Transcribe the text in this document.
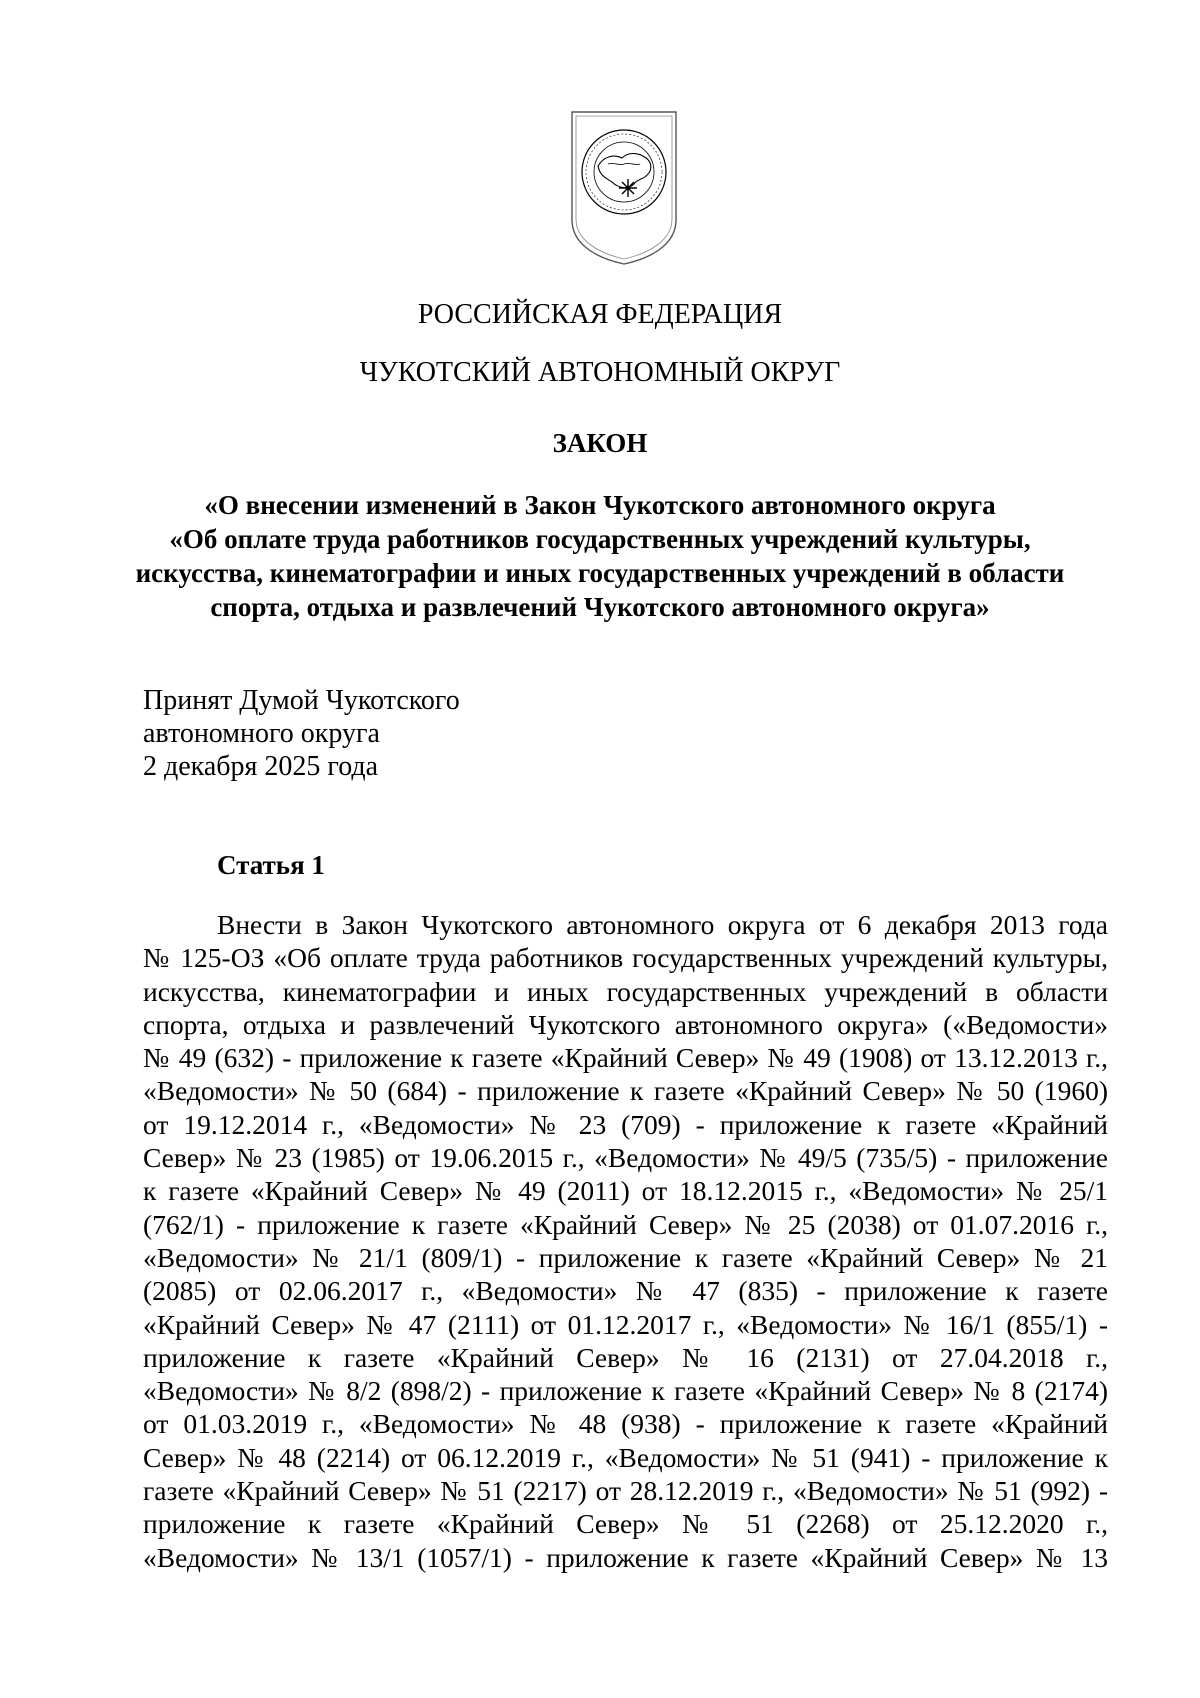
РОССИЙСКАЯ ФЕДЕРАЦИЯ
ЧУКОТСКИЙ АВТОНОМНЫЙ ОКРУГ
ЗАКОН
«О внесении изменений в Закон Чукотского автономного округа
«Об оплате труда работников государственных учреждений культуры,
искусства, кинематографии и иных государственных учреждений в области
спорта, отдыха и развлечений Чукотского автономного округа»
Принят Думой Чукотского
автономного округа
2 декабря 2025 года
Статья 1
Внести в Закон Чукотского автономного округа от 6 декабря 2013 года
№ 125-ОЗ «Об оплате труда работников государственных учреждений культуры,
искусства, кинематографии и иных государственных учреждений в области
спорта, отдыха и развлечений Чукотского автономного округа» («Ведомости»
№ 49 (632) - приложение к газете «Крайний Север» № 49 (1908) от 13.12.2013 г.,
«Ведомости» № 50 (684) - приложение к газете «Крайний Север» № 50 (1960)
от 19.12.2014 г., «Ведомости» № 23 (709) - приложение к газете «Крайний
Север» № 23 (1985) от 19.06.2015 г., «Ведомости» № 49/5 (735/5) - приложение
к газете «Крайний Север» № 49 (2011) от 18.12.2015 г., «Ведомости» № 25/1
(762/1) - приложение к газете «Крайний Север» № 25 (2038) от 01.07.2016 г.,
«Ведомости» № 21/1 (809/1) - приложение к газете «Крайний Север» № 21
(2085) от 02.06.2017 г., «Ведомости» № 47 (835) - приложение к газете
«Крайний Север» № 47 (2111) от 01.12.2017 г., «Ведомости» № 16/1 (855/1) -
приложение к газете «Крайний Север» № 16 (2131) от 27.04.2018 г.,
«Ведомости» № 8/2 (898/2) - приложение к газете «Крайний Север» № 8 (2174)
от 01.03.2019 г., «Ведомости» № 48 (938) - приложение к газете «Крайний
Север» № 48 (2214) от 06.12.2019 г., «Ведомости» № 51 (941) - приложение к
газете «Крайний Север» № 51 (2217) от 28.12.2019 г., «Ведомости» № 51 (992) -
приложение к газете «Крайний Север» № 51 (2268) от 25.12.2020 г.,
«Ведомости» № 13/1 (1057/1) - приложение к газете «Крайний Север» № 13
